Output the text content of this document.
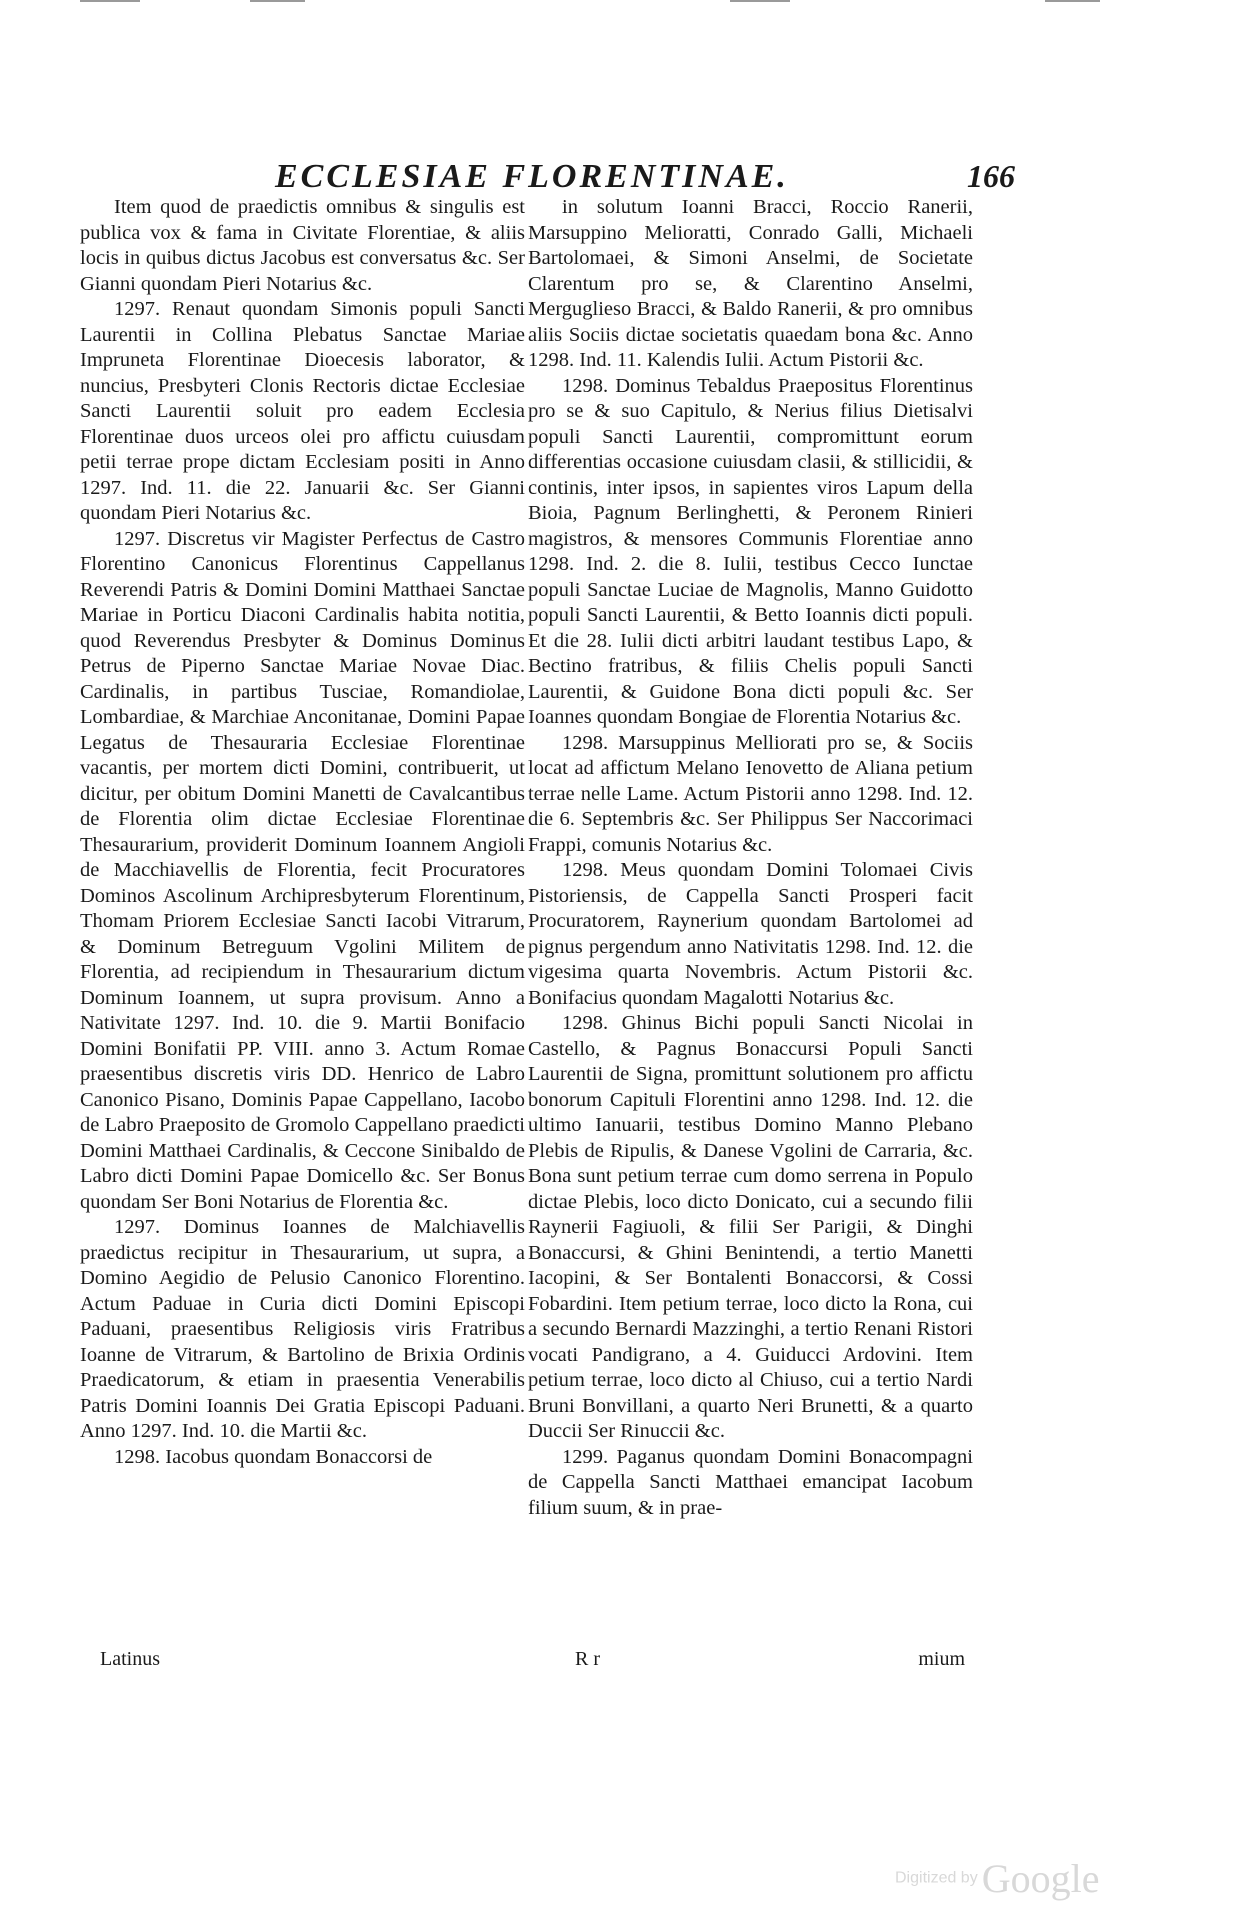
ECCLESIAE FLORENTINAE.	166

Item quod de praedictis omnibus & singulis est publica vox & fama in Civitate Florentiae, & aliis locis in quibus dictus Jacobus est conversatus &c. Ser Gianni quondam Pieri Notarius &c.

1297. Renaut quondam Simonis populi Sancti Laurentii in Collina Plebatus Sanctae Mariae Impruneta Florentinae Dioecesis laborator, & nuncius, Presbyteri Clonis Rectoris dictae Ecclesiae Sancti Laurentii soluit pro eadem Ecclesia Florentinae duos urceos olei pro affictu cuiusdam petii terrae prope dictam Ecclesiam positi in Anno 1297. Ind. 11. die 22. Januarii &c. Ser Gianni quondam Pieri Notarius &c.

1297. Discretus vir Magister Perfectus de Castro Florentino Canonicus Florentinus Cappellanus Reverendi Patris & Domini Domini Matthaei Sanctae Mariae in Porticu Diaconi Cardinalis habita notitia, quod Reverendus Presbyter & Dominus Dominus Petrus de Piperno Sanctae Mariae Novae Diac. Cardinalis, in partibus Tusciae, Romandiolae, Lombardiae, & Marchiae Anconitanae, Domini Papae Legatus de Thesauraria Ecclesiae Florentinae vacantis, per mortem dicti Domini, contribuerit, ut dicitur, per obitum Domini Manetti de Cavalcantibus de Florentia olim dictae Ecclesiae Florentinae Thesaurarium, providerit Dominum Ioannem Angioli de Macchiavellis de Florentia, fecit Procuratores Dominos Ascolinum Archipresbyterum Florentinum, Thomam Priorem Ecclesiae Sancti Iacobi Vitrarum, & Dominum Betreguum Vgolini Militem de Florentia, ad recipiendum in Thesaurarium dictum Dominum Ioannem, ut supra provisum. Anno a Nativitate 1297. Ind. 10. die 9. Martii Bonifacio Domini Bonifatii PP. VIII. anno 3. Actum Romae praesentibus discretis viris DD. Henrico de Labro Canonico Pisano, Dominis Papae Cappellano, Iacobo de Labro Praeposito de Gromolo Cappellano praedicti Domini Matthaei Cardinalis, & Ceccone Sinibaldo de Labro dicti Domini Papae Domicello &c. Ser Bonus quondam Ser Boni Notarius de Florentia &c.

1297. Dominus Ioannes de Malchiavellis praedictus recipitur in Thesaurarium, ut supra, a Domino Aegidio de Pelusio Canonico Florentino. Actum Paduae in Curia dicti Domini Episcopi Paduani, praesentibus Religiosis viris Fratribus Ioanne de Vitrarum, & Bartolino de Brixia Ordinis Praedicatorum, & etiam in praesentia Venerabilis Patris Domini Ioannis Dei Gratia Episcopi Paduani. Anno 1297. Ind. 10. die Martii &c.

1298. Iacobus quondam Bonaccorsi de

in solutum Ioanni Bracci, Roccio Ranerii, Marsuppino Melioratti, Conrado Galli, Michaeli Bartolomaei, & Simoni Anselmi, de Societate Clarentum pro se, & Clarentino Anselmi, Merguglieso Bracci, & Baldo Ranerii, & pro omnibus aliis Sociis dictae societatis quaedam bona &c. Anno 1298. Ind. 11. Kalendis Iulii. Actum Pistorii &c.

1298. Dominus Tebaldus Praepositus Florentinus pro se & suo Capitulo, & Nerius filius Dietisalvi populi Sancti Laurentii, compromittunt eorum differentias occasione cuiusdam clasii, & stillicidii, & continis, inter ipsos, in sapientes viros Lapum della Bioia, Pagnum Berlinghetti, & Peronem Rinieri magistros, & mensores Communis Florentiae anno 1298. Ind. 2. die 8. Iulii, testibus Cecco Iunctae populi Sanctae Luciae de Magnolis, Manno Guidotto populi Sancti Laurentii, & Betto Ioannis dicti populi. Et die 28. Iulii dicti arbitri laudant testibus Lapo, & Bectino fratribus, & filiis Chelis populi Sancti Laurentii, & Guidone Bona dicti populi &c. Ser Ioannes quondam Bongiae de Florentia Notarius &c.

1298. Marsuppinus Melliorati pro se, & Sociis locat ad affictum Melano Ienovetto de Aliana petium terrae nelle Lame. Actum Pistorii anno 1298. Ind. 12. die 6. Septembris &c. Ser Philippus Ser Naccorimaci Frappi, comunis Notarius &c.

1298. Meus quondam Domini Tolomaei Civis Pistoriensis, de Cappella Sancti Prosperi facit Procuratorem, Raynerium quondam Bartolomei ad pignus pergendum anno Nativitatis 1298. Ind. 12. die vigesima quarta Novembris. Actum Pistorii &c. Bonifacius quondam Magalotti Notarius &c.

1298. Ghinus Bichi populi Sancti Nicolai in Castello, & Pagnus Bonaccursi Populi Sancti Laurentii de Signa, promittunt solutionem pro affictu bonorum Capituli Florentini anno 1298. Ind. 12. die ultimo Ianuarii, testibus Domino Manno Plebano Plebis de Ripulis, & Danese Vgolini de Carraria, &c. Bona sunt petium terrae cum domo serrena in Populo dictae Plebis, loco dicto Donicato, cui a secundo filii Raynerii Fagiuoli, & filii Ser Parigii, & Dinghi Bonaccursi, & Ghini Benintendi, a tertio Manetti Iacopini, & Ser Bontalenti Bonaccorsi, & Cossi Fobardini. Item petium terrae, loco dicto la Rona, cui a secundo Bernardi Mazzinghi, a tertio Renani Ristori vocati Pandigrano, a 4. Guiducci Ardovini. Item petium terrae, loco dicto al Chiuso, cui a tertio Nardi Bruni Bonvillani, a quarto Neri Brunetti, & a quarto Duccii Ser Rinuccii &c.

1299. Paganus quondam Domini Bonacompagni de Cappella Sancti Matthaei emancipat Iacobum filium suum, & in prae-

Latinus	R r	mium
Digitized by Google
